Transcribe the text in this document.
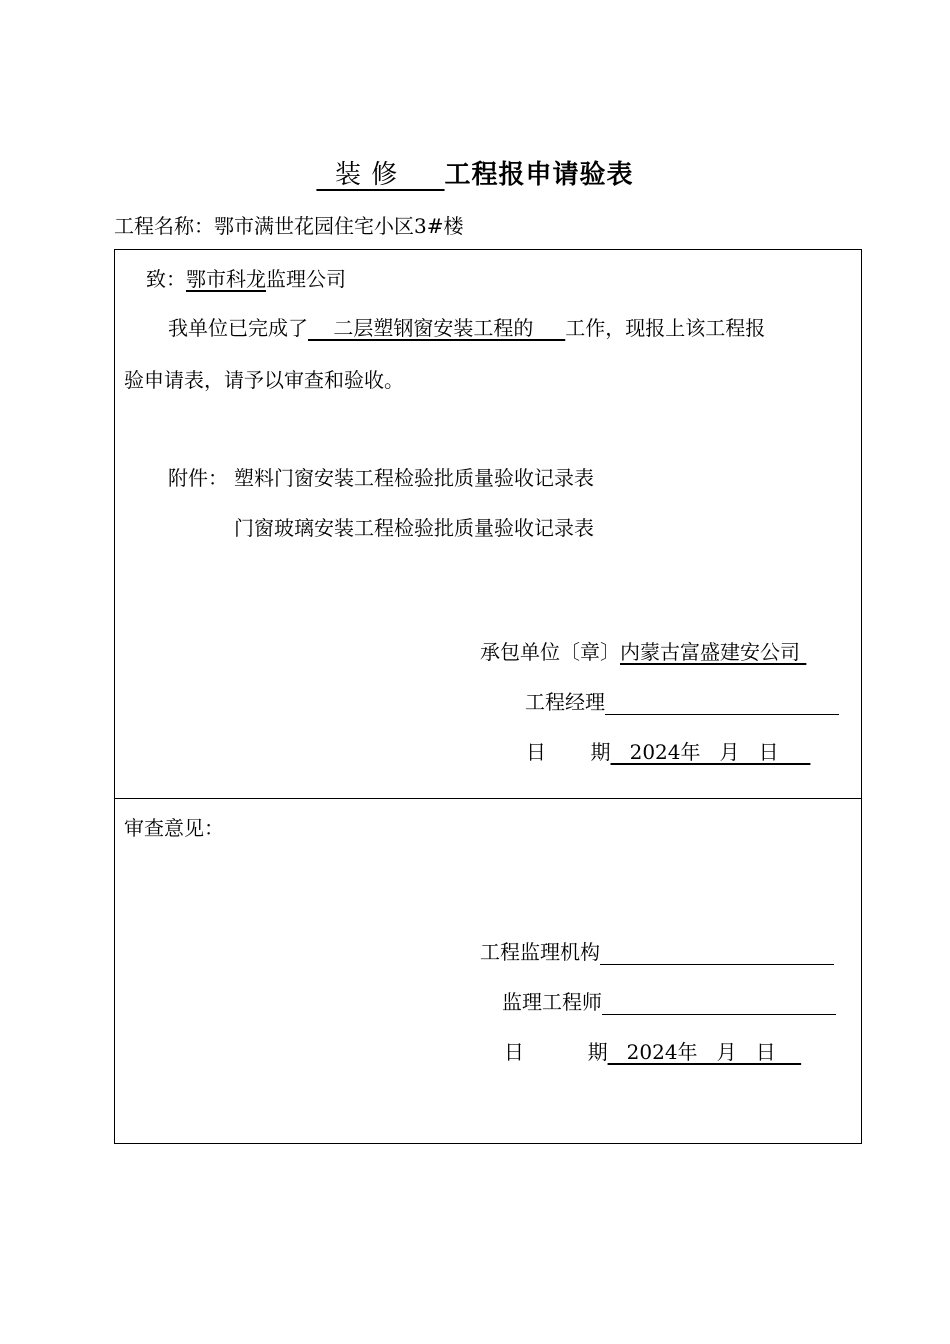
装 修     工程报申请验表
工程名称：鄂市满世花园住宅小区3#楼
致：鄂市科龙监理公司
我单位已完成了    二层塑钢窗安装工程的     工作，现报上该工程报
验申请表，请予以审查和验收。
附件： 塑料门窗安装工程检验批质量验收记录表
门窗玻璃安装工程检验批质量验收记录表
承包单位〔章〕内蒙古富盛建安公司
工程经理
日       期   2024年   月   日
审查意见：
工程监理机构
监理工程师
日          期   2024年   月   日
